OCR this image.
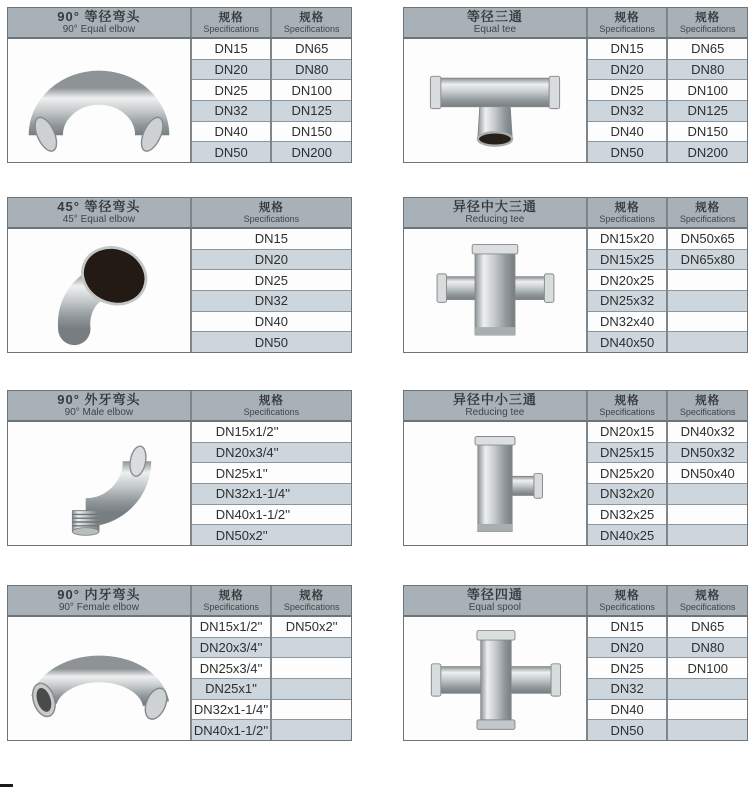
90° 等径弯头
90° Equal elbow
规格
Specifications
规格
Specifications
DN15
DN20
DN25
DN32
DN40
DN50
DN65
DN80
DN100
DN125
DN150
DN200
等径三通
Equal tee
规格
Specifications
规格
Specifications
DN15
DN20
DN25
DN32
DN40
DN50
DN65
DN80
DN100
DN125
DN150
DN200
45° 等径弯头
45° Equal elbow
规格
Specifications
DN15
DN20
DN25
DN32
DN40
DN50
异径中大三通
Reducing tee
规格
Specifications
规格
Specifications
DN15x20
DN15x25
DN20x25
DN25x32
DN32x40
DN40x50
DN50x65
DN65x80
90° 外牙弯头
90° Male elbow
规格
Specifications
DN15x1/2''
DN20x3/4''
DN25x1''
DN32x1-1/4''
DN40x1-1/2''
DN50x2''
异径中小三通
Reducing tee
规格
Specifications
规格
Specifications
DN20x15
DN25x15
DN25x20
DN32x20
DN32x25
DN40x25
DN40x32
DN50x32
DN50x40
90° 内牙弯头
90° Female elbow
规格
Specifications
规格
Specifications
DN15x1/2''
DN20x3/4''
DN25x3/4''
DN25x1''
DN32x1-1/4''
DN40x1-1/2''
DN50x2''
等径四通
Equal spool
规格
Specifications
规格
Specifications
DN15
DN20
DN25
DN32
DN40
DN50
DN65
DN80
DN100
